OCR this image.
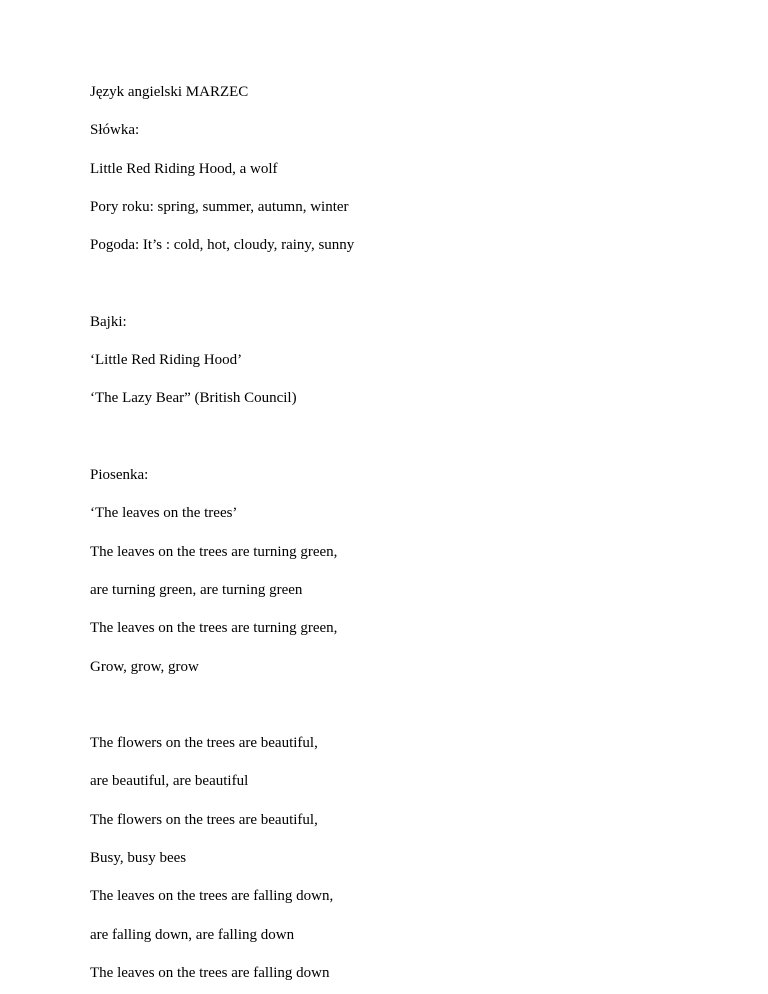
Język angielski MARZEC
Słówka:
Little Red Riding Hood, a wolf
Pory roku: spring, summer, autumn, winter
Pogoda: It’s : cold, hot, cloudy, rainy, sunny
Bajki:
‘Little Red Riding Hood’
‘The Lazy Bear” (British Council)
Piosenka:
‘The leaves on the trees’
The leaves on the trees are turning green,
are turning green, are turning green
The leaves on the trees are turning green,
Grow, grow, grow
The flowers on the trees are beautiful,
are beautiful, are beautiful
The flowers on the trees are beautiful,
Busy, busy bees
The leaves on the trees are falling down,
are falling down, are falling down
The leaves on the trees are falling down
